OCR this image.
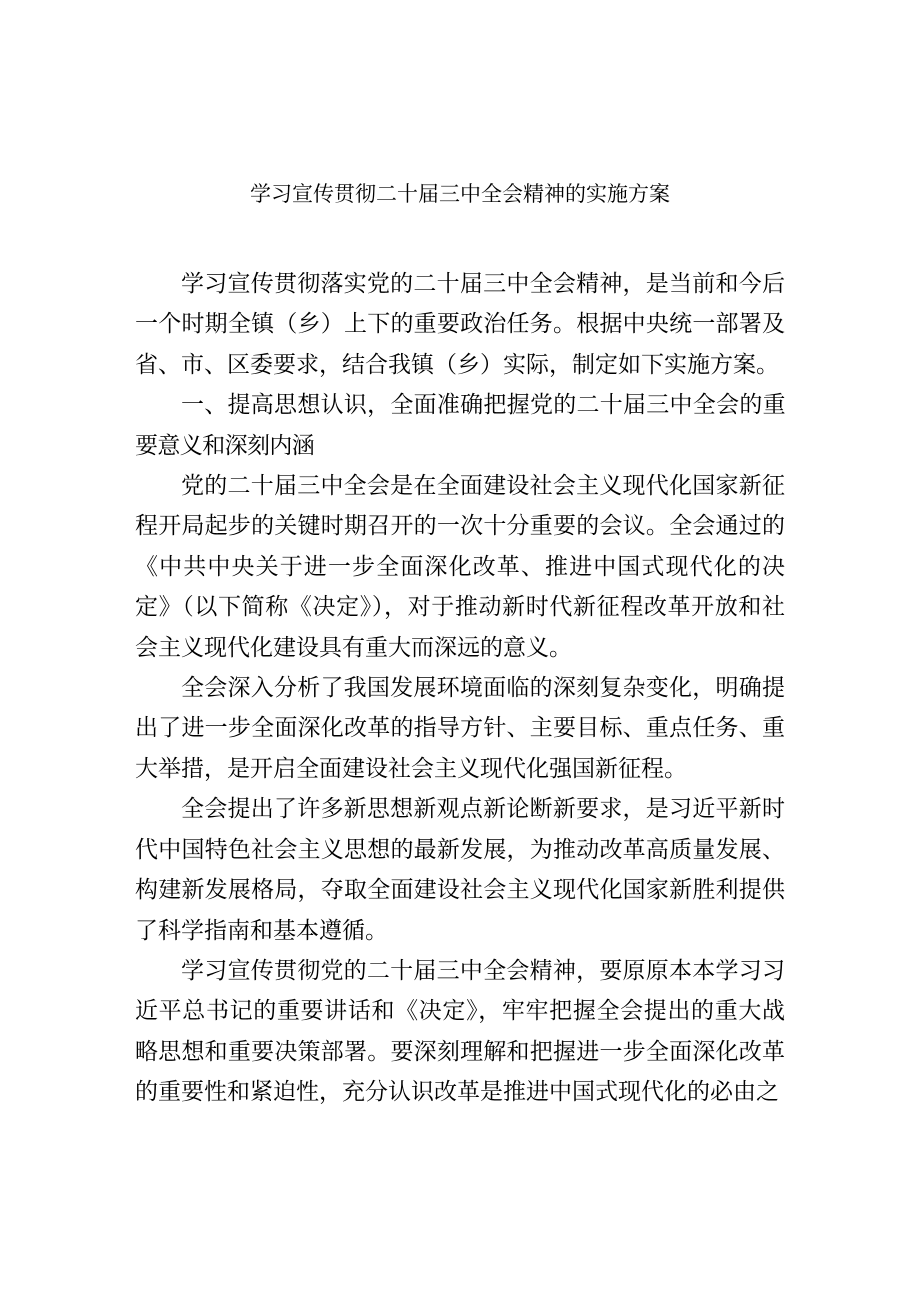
学习宣传贯彻二十届三中全会精神的实施方案

学习宣传贯彻落实党的二十届三中全会精神，是当前和今后一个时期全镇（乡）上下的重要政治任务。根据中央统一部署及省、市、区委要求，结合我镇（乡）实际，制定如下实施方案。

一、提高思想认识，全面准确把握党的二十届三中全会的重要意义和深刻内涵

党的二十届三中全会是在全面建设社会主义现代化国家新征程开局起步的关键时期召开的一次十分重要的会议。全会通过的《中共中央关于进一步全面深化改革、推进中国式现代化的决定》（以下简称《决定》），对于推动新时代新征程改革开放和社会主义现代化建设具有重大而深远的意义。

全会深入分析了我国发展环境面临的深刻复杂变化，明确提出了进一步全面深化改革的指导方针、主要目标、重点任务、重大举措，是开启全面建设社会主义现代化强国新征程。

全会提出了许多新思想新观点新论断新要求，是习近平新时代中国特色社会主义思想的最新发展，为推动改革高质量发展、构建新发展格局，夺取全面建设社会主义现代化国家新胜利提供了科学指南和基本遵循。

学习宣传贯彻党的二十届三中全会精神，要原原本本学习习近平总书记的重要讲话和《决定》，牢牢把握全会提出的重大战略思想和重要决策部署。要深刻理解和把握进一步全面深化改革的重要性和紧迫性，充分认识改革是推进中国式现代化的必由之
